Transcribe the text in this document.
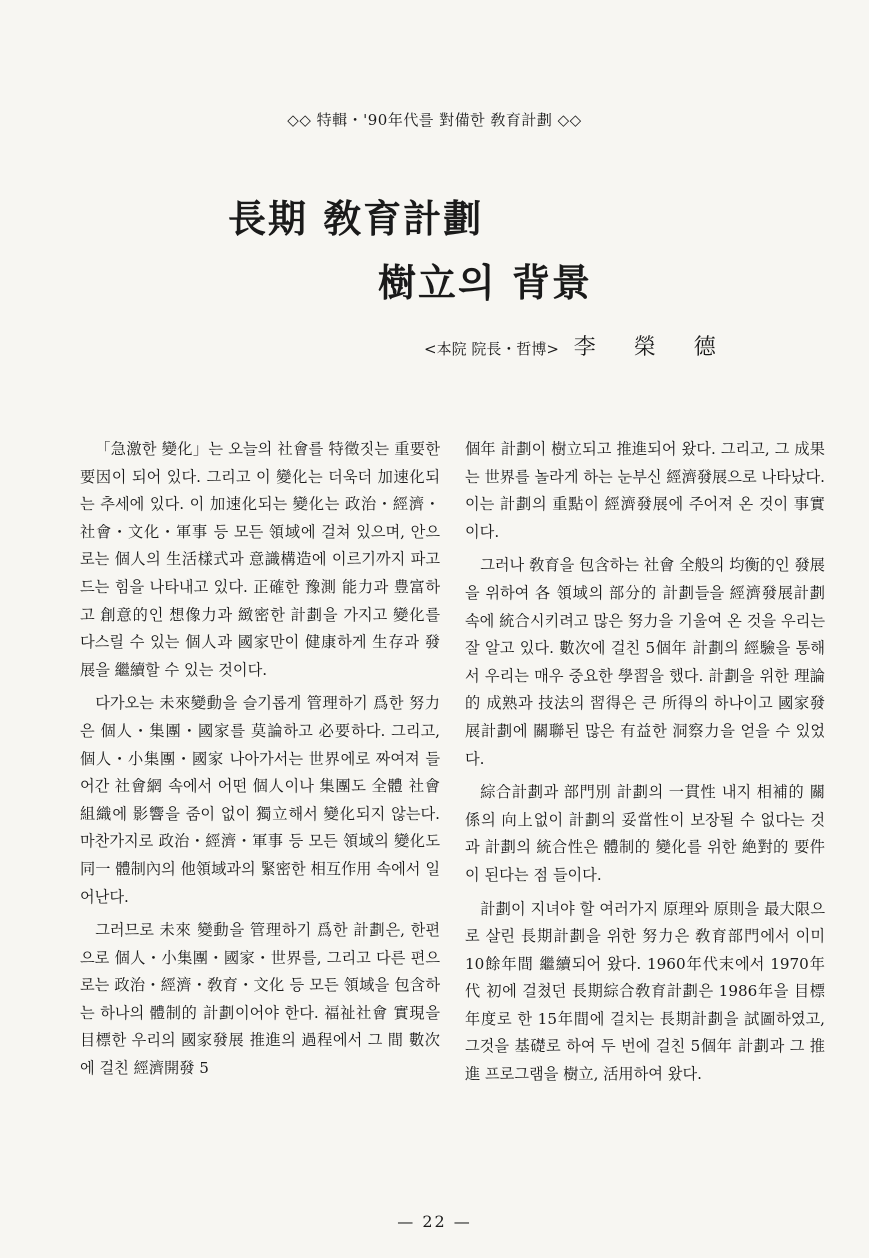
◇◇ 特輯・'90年代를 對備한 敎育計劃 ◇◇
長期 敎育計劃
樹立의 背景
<本院 院長・哲博> 李榮德

「急激한 變化」는 오늘의 社會를 特徵짓는 重要한 要因이 되어 있다. 그리고 이 變化는 더욱더 加速化되는 추세에 있다. 이 加速化되는 變化는 政治・經濟・社會・文化・軍事 등 모든 領域에 걸쳐 있으며, 안으로는 個人의 生活樣式과 意識構造에 이르기까지 파고드는 힘을 나타내고 있다. 正確한 豫測 能力과 豊富하고 創意的인 想像力과 緻密한 計劃을 가지고 變化를 다스릴 수 있는 個人과 國家만이 健康하게 生存과 發展을 繼續할 수 있는 것이다.

다가오는 未來變動을 슬기롭게 管理하기 爲한 努力은 個人・集團・國家를 莫論하고 必要하다. 그리고, 個人・小集團・國家 나아가서는 世界에로 짜여져 들어간 社會網 속에서 어떤 個人이나 集團도 全體 社會組織에 影響을 줌이 없이 獨立해서 變化되지 않는다. 마찬가지로 政治・經濟・軍事 등 모든 領域의 變化도 同一 體制內의 他領域과의 緊密한 相互作用 속에서 일어난다.

그러므로 未來 變動을 管理하기 爲한 計劃은, 한편으로 個人・小集團・國家・世界를, 그리고 다른 편으로는 政治・經濟・敎育・文化 등 모든 領域을 包含하는 하나의 體制的 計劃이어야 한다. 福祉社會 實現을 目標한 우리의 國家發展 推進의 過程에서 그 間 數次에 걸친 經濟開發 5

個年 計劃이 樹立되고 推進되어 왔다. 그리고, 그 成果는 世界를 놀라게 하는 눈부신 經濟發展으로 나타났다. 이는 計劃의 重點이 經濟發展에 주어져 온 것이 事實이다.

그러나 敎育을 包含하는 社會 全般의 均衡的인 發展을 위하여 各 領域의 部分的 計劃들을 經濟發展計劃 속에 統合시키려고 많은 努力을 기울여 온 것을 우리는 잘 알고 있다. 數次에 걸친 5個年 計劃의 經驗을 통해서 우리는 매우 중요한 學習을 했다. 計劃을 위한 理論的 成熟과 技法의 習得은 큰 所得의 하나이고 國家發展計劃에 關聯된 많은 有益한 洞察力을 얻을 수 있었다.

綜合計劃과 部門別 計劃의 一貫性 내지 相補的 關係의 向上없이 計劃의 妥當性이 보장될 수 없다는 것과 計劃의 統合性은 體制的 變化를 위한 絶對的 要件이 된다는 점 들이다.

計劃이 지녀야 할 여러가지 原理와 原則을 最大限으로 살린 長期計劃을 위한 努力은 敎育部門에서 이미 10餘年間 繼續되어 왔다. 1960年代末에서 1970年代 初에 걸쳤던 長期綜合敎育計劃은 1986年을 目標年度로 한 15年間에 걸치는 長期計劃을 試圖하였고, 그것을 基礎로 하여 두 번에 걸친 5個年 計劃과 그 推進 프로그램을 樹立, 活用하여 왔다.

— 22 —
